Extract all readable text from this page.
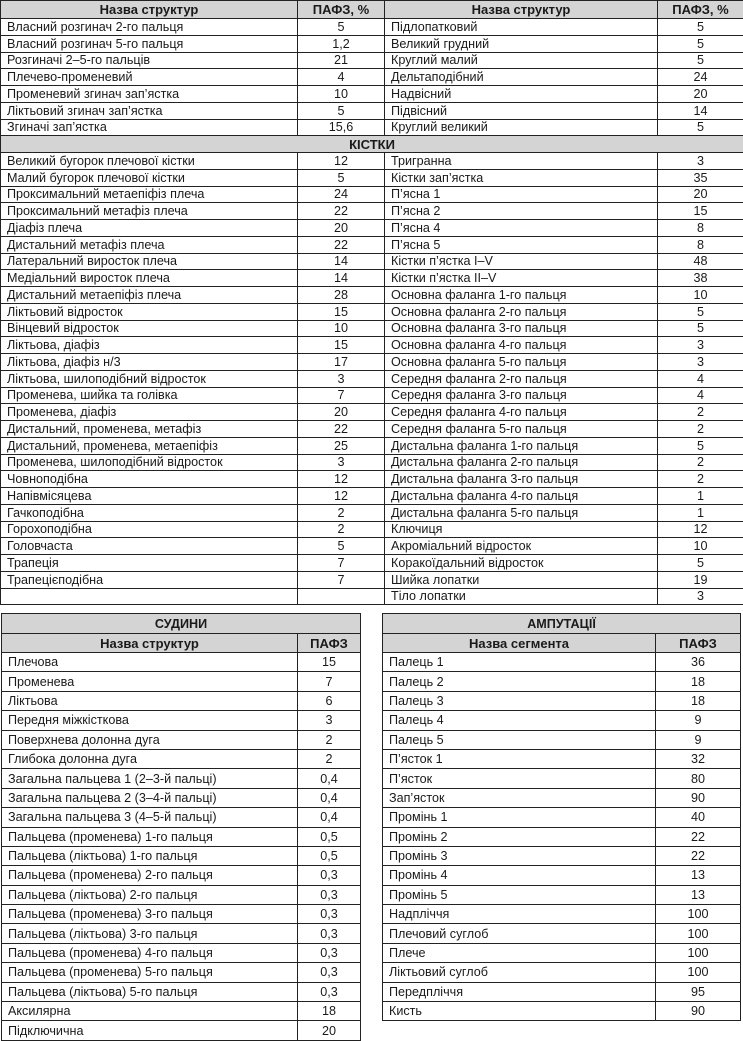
Назва структур	ПАФЗ, %	Назва структур	ПАФЗ, %
Власний розгинач 2-го пальця	5	Підлопатковий	5
Власний розгинач 5-го пальця	1,2	Великий грудний	5
Розгиначі 2–5-го пальців	21	Круглий малий	5
Плечево-променевий	4	Дельтаподібний	24
Променевий згинач зап’ястка	10	Надвісний	20
Ліктьовий згинач зап’ястка	5	Підвісний	14
Згиначі зап’ястка	15,6	Круглий великий	5
КІСТКИ			
Великий бугорок плечової кістки	12	Тригранна	3
Малий бугорок плечової кістки	5	Кістки зап’ястка	35
Проксимальний метаепіфіз плеча	24	П’ясна 1	20
Проксимальний метафіз плеча	22	П’ясна 2	15
Діафіз плеча	20	П’ясна 4	8
Дистальний метафіз плеча	22	П’ясна 5	8
Латеральний виросток плеча	14	Кістки п’ястка I–V	48
Медіальний виросток плеча	14	Кістки п’ястка II–V	38
Дистальний метаепіфіз плеча	28	Основна фаланга 1-го пальця	10
Ліктьовий відросток	15	Основна фаланга 2-го пальця	5
Вінцевий відросток	10	Основна фаланга 3-го пальця	5
Ліктьова, діафіз	15	Основна фаланга 4-го пальця	3
Ліктьова, діафіз н/3	17	Основна фаланга 5-го пальця	3
Ліктьова, шилоподібний відросток	3	Середня фаланга 2-го пальця	4
Променева, шийка та голівка	7	Середня фаланга 3-го пальця	4
Променева, діафіз	20	Середня фаланга 4-го пальця	2
Дистальний, променева, метафіз	22	Середня фаланга 5-го пальця	2
Дистальний, променева, метаепіфіз	25	Дистальна фаланга 1-го пальця	5
Променева, шилоподібний відросток	3	Дистальна фаланга 2-го пальця	2
Човноподібна	12	Дистальна фаланга 3-го пальця	2
Напівмісяцева	12	Дистальна фаланга 4-го пальця	1
Гачкоподібна	2	Дистальна фаланга 5-го пальця	1
Горохоподібна	2	Ключиця	12
Головчаста	5	Акроміальний відросток	10
Трапеція	7	Коракоїдальний відросток	5
Трапецієподібна	7	Шийка лопатки	19
		Тіло лопатки	3
СУДИНИ	
Назва структур	ПАФЗ
Плечова	15
Променева	7
Ліктьова	6
Передня міжкісткова	3
Поверхнева долонна дуга	2
Глибока долонна дуга	2
Загальна пальцева 1 (2–3-й пальці)	0,4
Загальна пальцева 2 (3–4-й пальці)	0,4
Загальна пальцева 3 (4–5-й пальці)	0,4
Пальцева (променева) 1-го пальця	0,5
Пальцева (ліктьова) 1-го пальця	0,5
Пальцева (променева) 2-го пальця	0,3
Пальцева (ліктьова) 2-го пальця	0,3
Пальцева (променева) 3-го пальця	0,3
Пальцева (ліктьова) 3-го пальця	0,3
Пальцева (променева) 4-го пальця	0,3
Пальцева (променева) 5-го пальця	0,3
Пальцева (ліктьова) 5-го пальця	0,3
Аксилярна	18
Підключична	20
АМПУТАЦІЇ	
Назва сегмента	ПАФЗ
Палець 1	36
Палець 2	18
Палець 3	18
Палець 4	9
Палець 5	9
П’ясток 1	32
П’ясток	80
Зап’ясток	90
Промінь 1	40
Промінь 2	22
Промінь 3	22
Промінь 4	13
Промінь 5	13
Надпліччя	100
Плечовий суглоб	100
Плече	100
Ліктьовий суглоб	100
Передпліччя	95
Кисть	90
